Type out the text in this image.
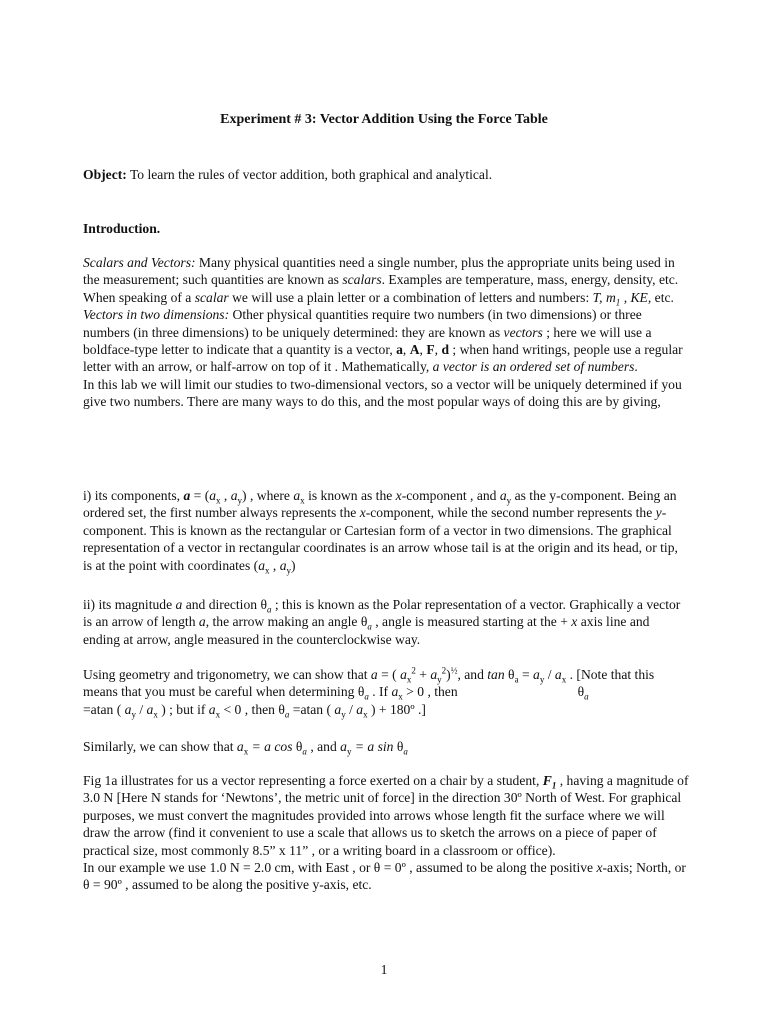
Experiment # 3: Vector Addition Using the Force Table
Object: To learn the rules of vector addition, both graphical and analytical.
Introduction.
Scalars and Vectors: Many physical quantities need a single number, plus the appropriate units being used in the measurement; such quantities are known as scalars. Examples are temperature, mass, energy, density, etc. When speaking of a scalar we will use a plain letter or a combination of letters and numbers: T, $m_1$ , KE, etc.
Vectors in two dimensions: Other physical quantities require two numbers (in two dimensions) or three numbers (in three dimensions) to be uniquely determined: they are known as vectors ; here we will use a boldface-type letter to indicate that a quantity is a vector, a, A, F, d ; when hand writings, people use a regular letter with an arrow, or half-arrow on top of it . Mathematically, a vector is an ordered set of numbers.
In this lab we will limit our studies to two-dimensional vectors, so a vector will be uniquely determined if you give two numbers. There are many ways to do this, and the most popular ways of doing this are by giving,
i) its components, $a = (a_x$ , $a_y$) , where $a_x$ is known as the x-component , and $a_y$ as the y-component. Being an ordered set, the first number always represents the x-component, while the second number represents the y-component. This is known as the rectangular or Cartesian form of a vector in two dimensions. The graphical representation of a vector in rectangular coordinates is an arrow whose tail is at the origin and its head, or tip, is at the point with coordinates ($a_x$ , $a_y$)
ii) its magnitude a and direction $\theta_a$ ; this is known as the Polar representation of a vector. Graphically a vector is an arrow of length a, the arrow making an angle $\theta_a$ , angle is measured starting at the + x axis line and ending at arrow, angle measured in the counterclockwise way.
Using geometry and trigonometry, we can show that a = ( $a_x^2 + a_y^2)^{\frac{1}{2}}$, and $\tan \theta_a = a_y / a_x$ . [Note that this means that you must be careful when determining $\theta_a$ . If $a_x > 0$ , then	$\theta_a$
=atan ( $a_y / a_x$ ) ; but if $a_x < 0$ , then $\theta_a =atan$ ( $a_y / a_x$ ) + 180º .]
Similarly, we can show that $a_x = a$ $\cos \theta_a$ , and $a_y = a$ $\sin \theta_a$
Fig 1a illustrates for us a vector representing a force exerted on a chair by a student, $F_1$ , having a magnitude of 3.0 N [Here N stands for ‘Newtons’, the metric unit of force] in the direction 30º North of West. For graphical purposes, we must convert the magnitudes provided into arrows whose length fit the surface where we will draw the arrow (find it convenient to use a scale that allows us to sketch the arrows on a piece of paper of practical size, most commonly 8.5” x 11” , or a writing board in a classroom or office).
In our example we use 1.0 N = 2.0 cm, with East , or θ = 0º , assumed to be along the positive x-axis; North, or θ = 90º , assumed to be along the positive y-axis, etc.
1
